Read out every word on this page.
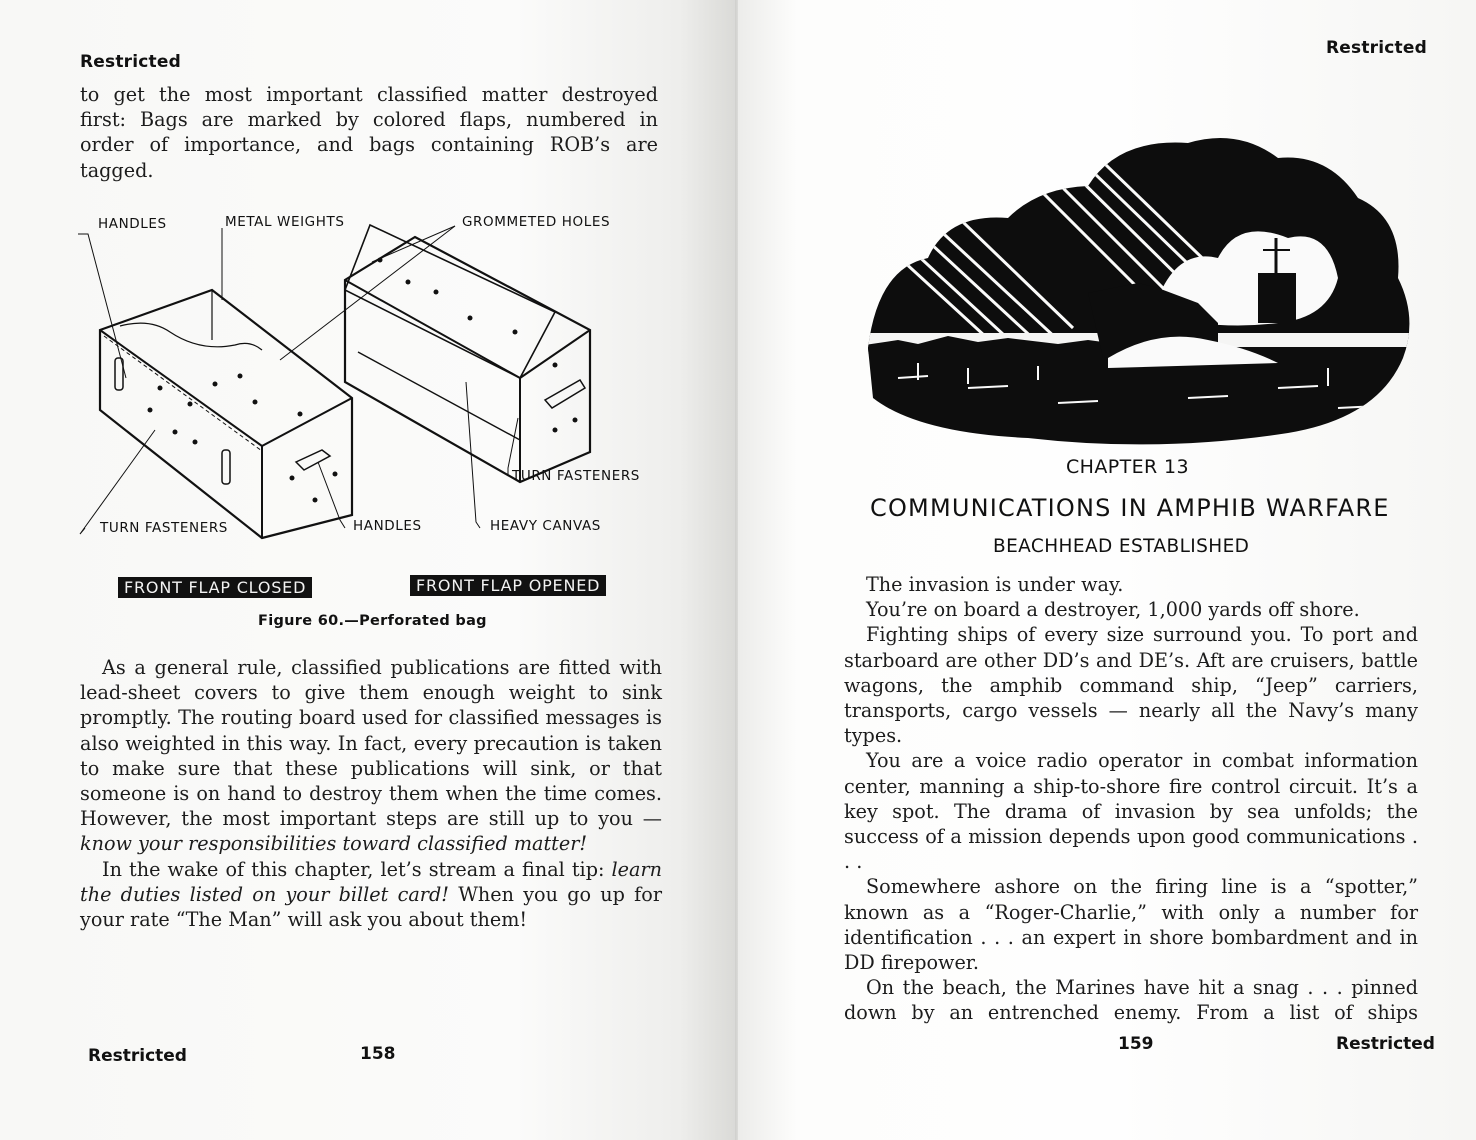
Restricted
to get the most important classified matter destroyed
first: Bags are marked by colored flaps, numbered in
order of importance, and bags containing ROB’s are
tagged.
HANDLES	METAL WEIGHTS	GROMMETED HOLES
TURN FASTENERS
TURN FASTENERS	HANDLES	HEAVY CANVAS
FRONT FLAP CLOSED	FRONT FLAP OPENED
Figure 60.—Perforated bag

As a general rule, classified publications are fitted with lead-sheet covers to give them enough weight to sink promptly. The routing board used for classified messages is also weighted in this way. In fact, every precaution is taken to make sure that these publications will sink, or that someone is on hand to destroy them when the time comes. However, the most important steps are still up to you — know your responsibilities toward classified matter!

In the wake of this chapter, let’s stream a final tip: learn the duties listed on your billet card! When you go up for your rate “The Man” will ask you about them!

Restricted	158
Restricted
CHAPTER 13
COMMUNICATIONS IN AMPHIB WARFARE
BEACHHEAD ESTABLISHED

The invasion is under way.

You’re on board a destroyer, 1,000 yards off shore.

Fighting ships of every size surround you. To port and starboard are other DD’s and DE’s. Aft are cruisers, battle wagons, the amphib command ship, “Jeep” carriers, transports, cargo vessels — nearly all the Navy’s many types.

You are a voice radio operator in combat information center, manning a ship-to-shore fire control circuit. It’s a key spot. The drama of invasion by sea unfolds; the success of a mission depends upon good communications . . .

Somewhere ashore on the firing line is a “spotter,” known as a “Roger-Charlie,” with only a number for identification . . . an expert in shore bombardment and in DD firepower.

On the beach, the Marines have hit a snag . . . pinned down by an entrenched enemy. From a list of ships

159	Restricted
